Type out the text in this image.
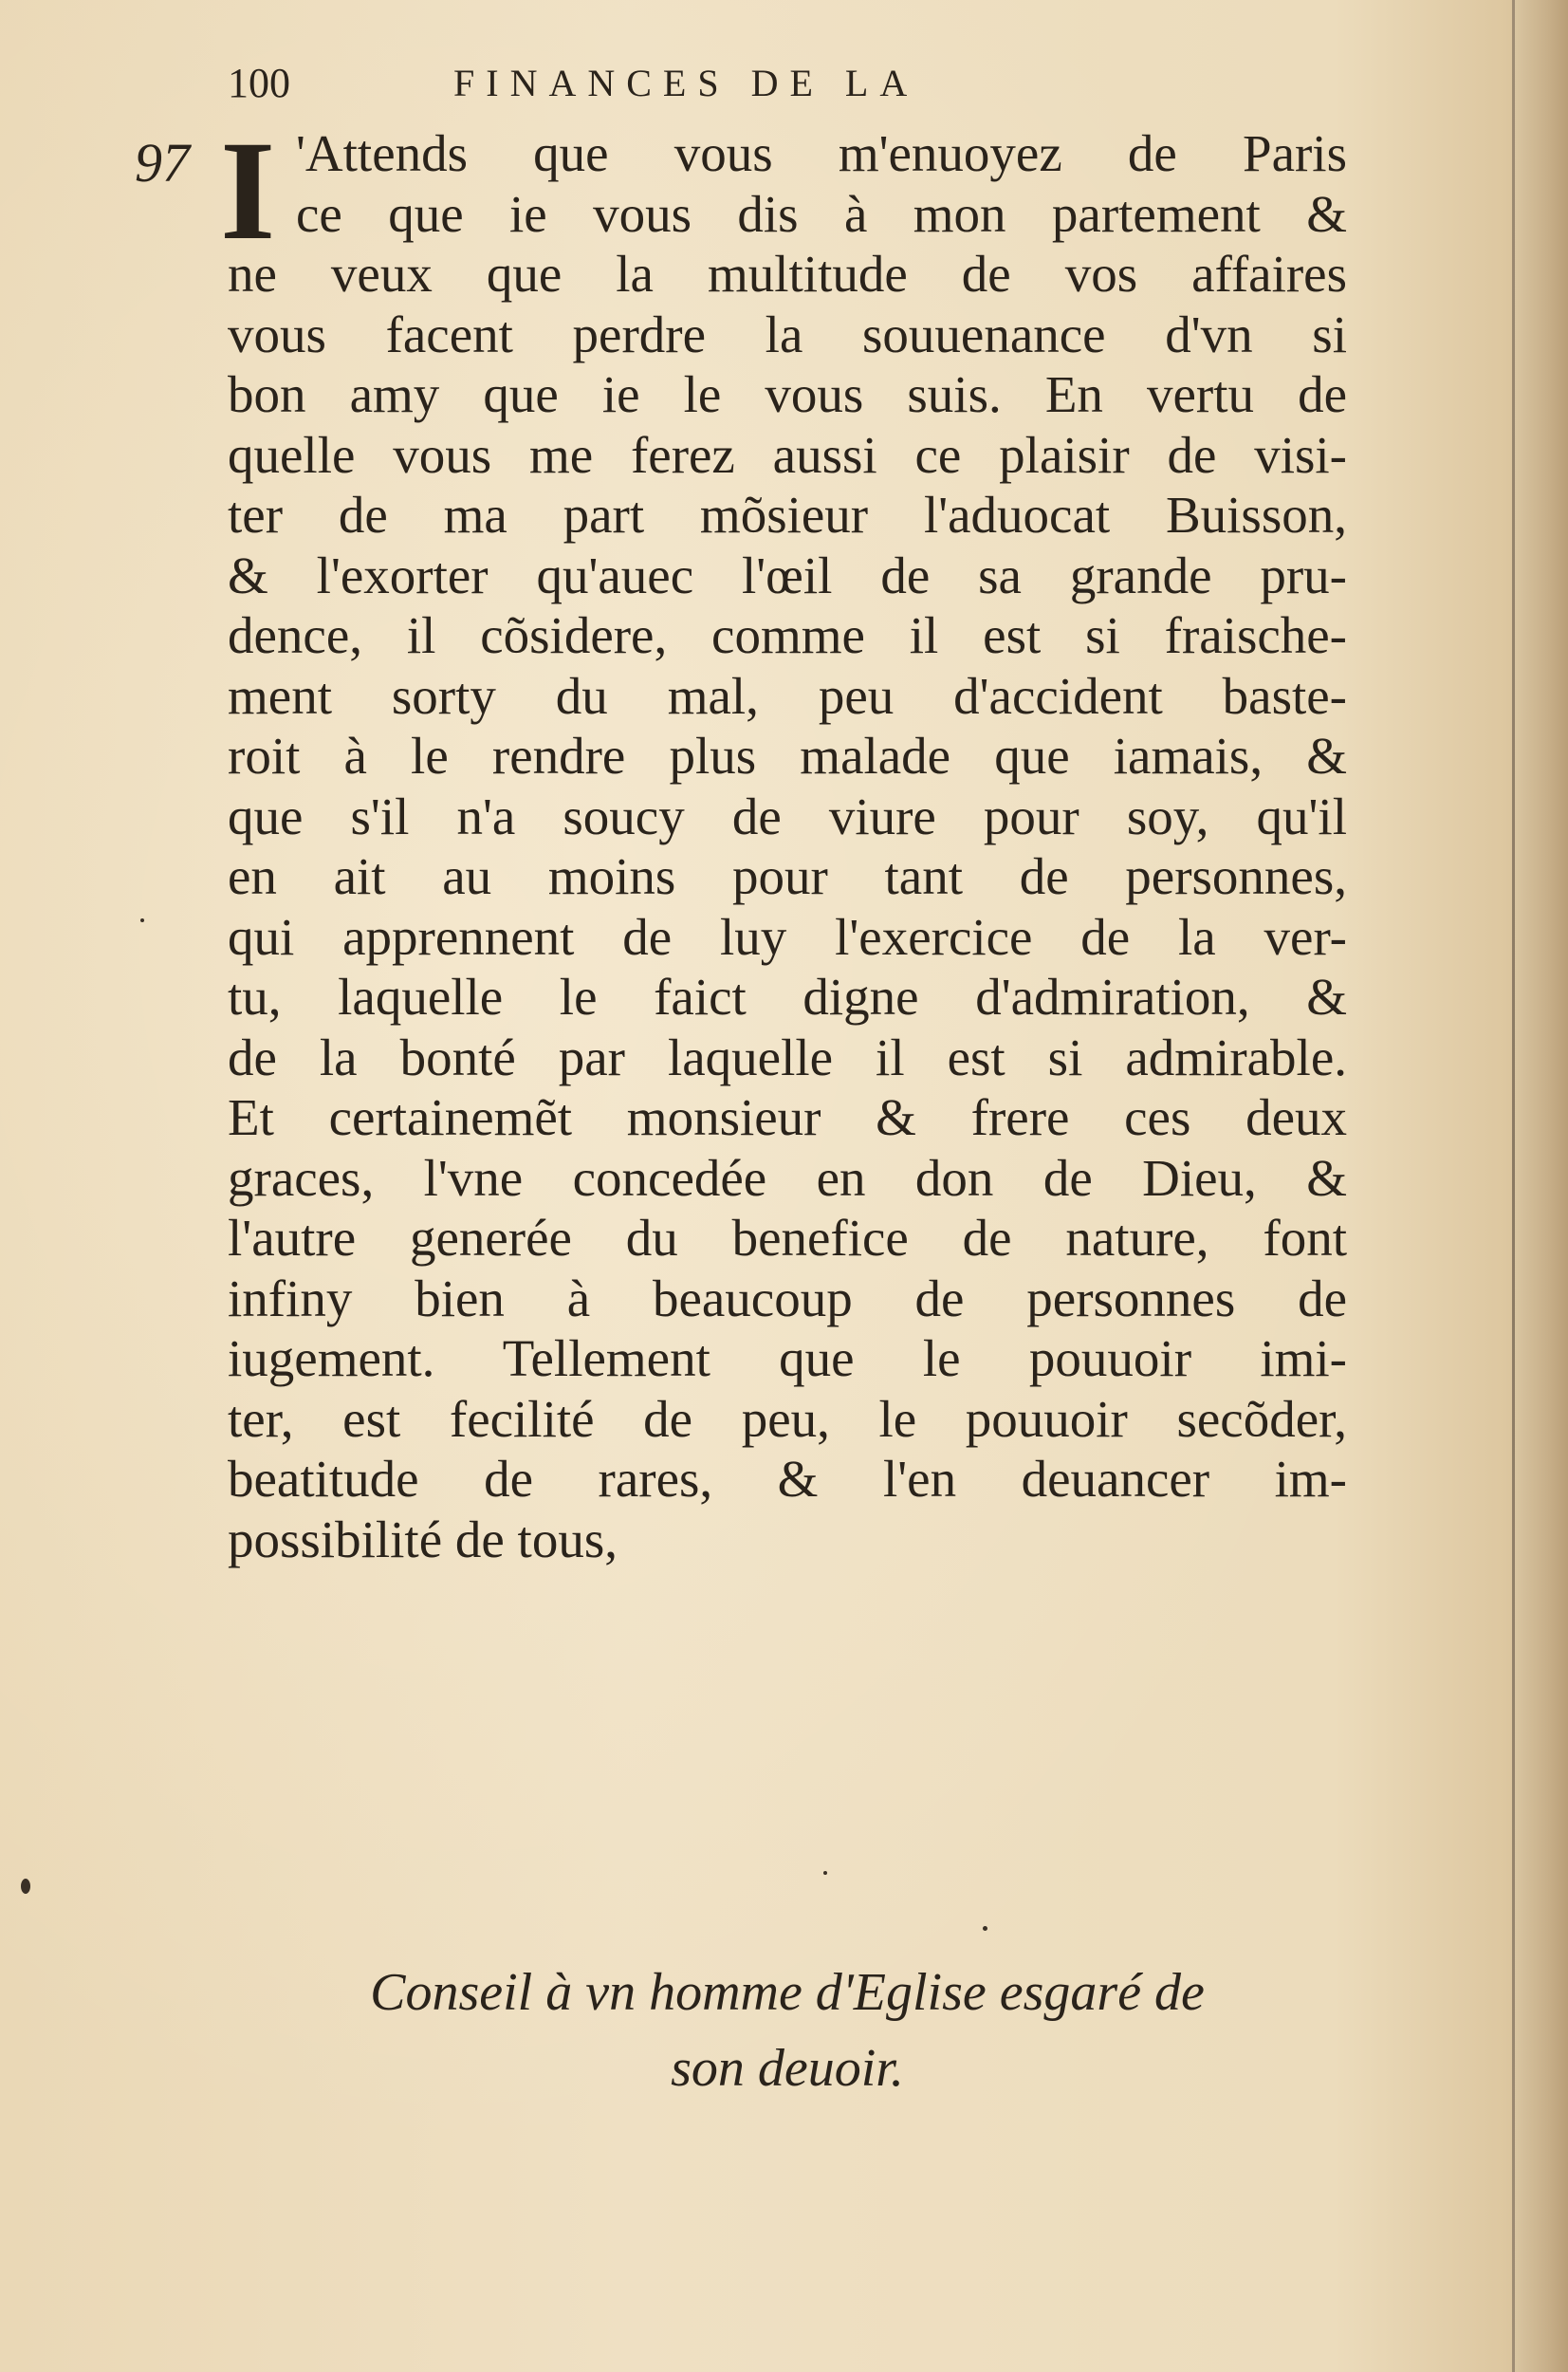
100	FINANCES DE LA
97 I 'Attends que vous m'enuoyez de Paris
ce que ie vous dis à mon partement &
ne veux que la multitude de vos affaires
vous facent perdre la souuenance d'vn si
bon amy que ie le vous suis. En vertu de
quelle vous me ferez aussi ce plaisir de visi-
ter de ma part mõsieur l'aduocat Buisson,
& l'exorter qu'auec l'œil de sa grande pru-
dence, il cõsidere, comme il est si fraische-
ment sorty du mal, peu d'accident baste-
roit à le rendre plus malade que iamais, &
que s'il n'a soucy de viure pour soy, qu'il
en ait au moins pour tant de personnes,
qui apprennent de luy l'exercice de la ver-
tu, laquelle le faict digne d'admiration, &
de la bonté par laquelle il est si admirable.
Et certainemẽt monsieur & frere ces deux
graces, l'vne concedée en don de Dieu, &
l'autre generée du benefice de nature, font
infiny bien à beaucoup de personnes de
iugement. Tellement que le pouuoir imi-
ter, est fecilité de peu, le pouuoir secõder,
beatitude de rares, & l'en deuancer im-
possibilité de tous,
Conseil à vn homme d'Eglise esgaré de
son deuoir.
